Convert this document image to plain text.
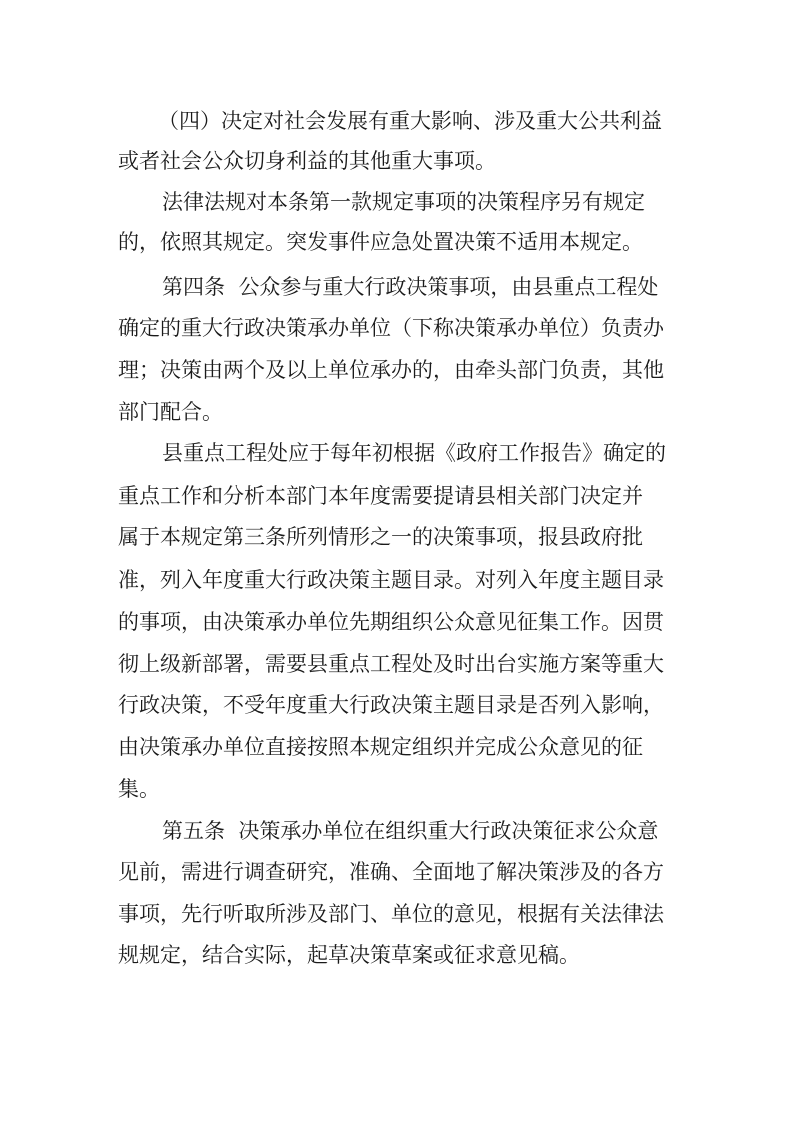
（四）决定对社会发展有重大影响、涉及重大公共利益
或者社会公众切身利益的其他重大事项。
法律法规对本条第一款规定事项的决策程序另有规定
的，依照其规定。突发事件应急处置决策不适用本规定。
第四条  公众参与重大行政决策事项，由县重点工程处
确定的重大行政决策承办单位（下称决策承办单位）负责办
理；决策由两个及以上单位承办的，由牵头部门负责，其他
部门配合。
县重点工程处应于每年初根据《政府工作报告》确定的
重点工作和分析本部门本年度需要提请县相关部门决定并
属于本规定第三条所列情形之一的决策事项，报县政府批
准，列入年度重大行政决策主题目录。对列入年度主题目录
的事项，由决策承办单位先期组织公众意见征集工作。因贯
彻上级新部署，需要县重点工程处及时出台实施方案等重大
行政决策，不受年度重大行政决策主题目录是否列入影响，
由决策承办单位直接按照本规定组织并完成公众意见的征
集。
第五条  决策承办单位在组织重大行政决策征求公众意
见前，需进行调查研究，准确、全面地了解决策涉及的各方
事项，先行听取所涉及部门、单位的意见，根据有关法律法
规规定，结合实际，起草决策草案或征求意见稿。
